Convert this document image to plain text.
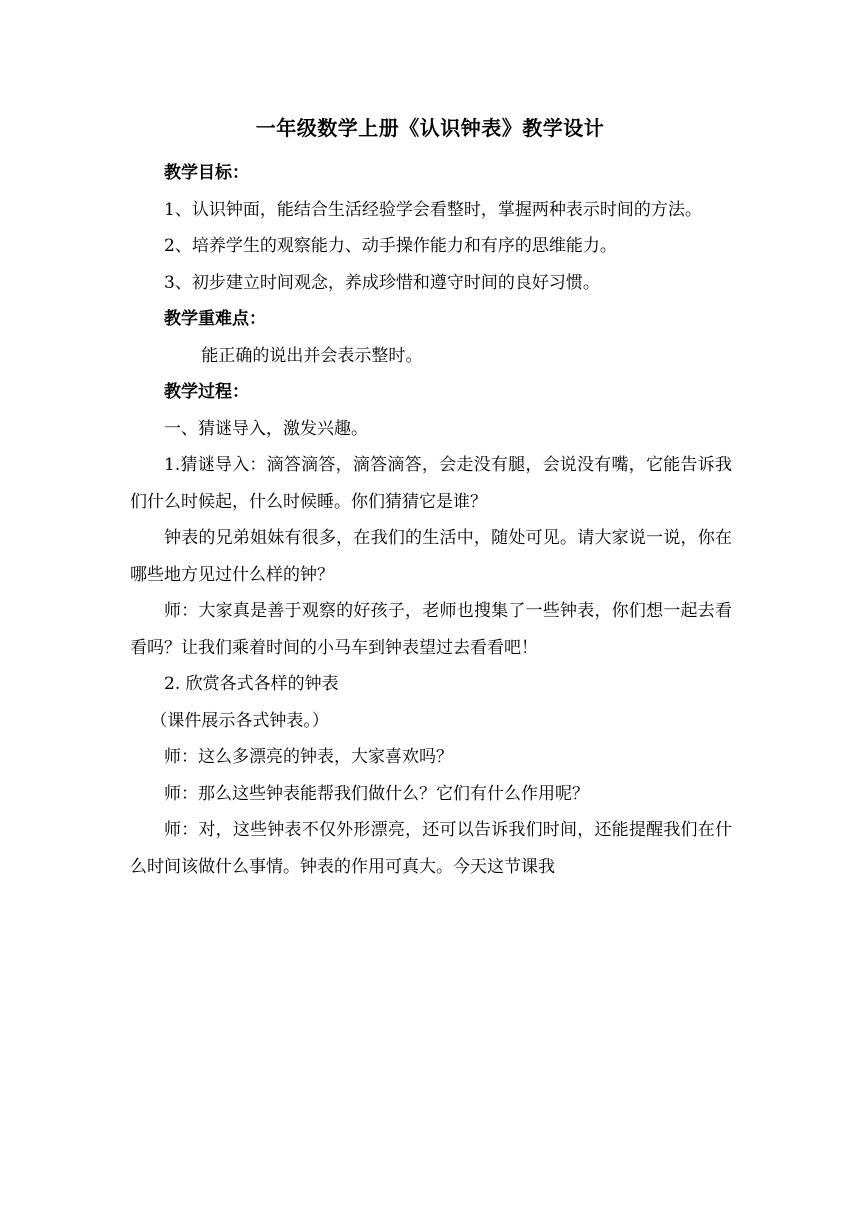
一年级数学上册《认识钟表》教学设计

教学目标：

1、认识钟面，能结合生活经验学会看整时，掌握两种表示时间的方法。

2、培养学生的观察能力、动手操作能力和有序的思维能力。

3、初步建立时间观念，养成珍惜和遵守时间的良好习惯。

教学重难点：

能正确的说出并会表示整时。

教学过程：

一、猜谜导入，激发兴趣。

1.猜谜导入：滴答滴答，滴答滴答，会走没有腿，会说没有嘴，它能告诉我们什么时候起，什么时候睡。你们猜猜它是谁？

钟表的兄弟姐妹有很多，在我们的生活中，随处可见。请大家说一说，你在哪些地方见过什么样的钟？

师：大家真是善于观察的好孩子，老师也搜集了一些钟表，你们想一起去看看吗？让我们乘着时间的小马车到钟表望过去看看吧！

2. 欣赏各式各样的钟表

（课件展示各式钟表。）

师：这么多漂亮的钟表，大家喜欢吗？

师：那么这些钟表能帮我们做什么？它们有什么作用呢？

师：对，这些钟表不仅外形漂亮，还可以告诉我们时间，还能提醒我们在什么时间该做什么事情。钟表的作用可真大。今天这节课我
